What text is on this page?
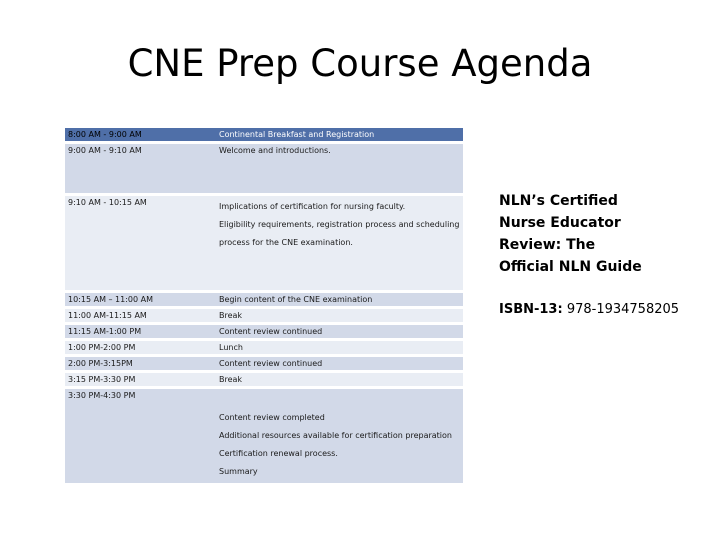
CNE Prep Course Agenda
8:00 AM - 9:00 AM	Continental Breakfast and Registration

9:00 AM - 9:10 AM	Welcome and introductions.

9:10 AM - 10:15 AM	Implications of certification for nursing faculty.
Eligibility requirements, registration process and scheduling
process for the CNE examination.

10:15 AM – 11:00 AM	Begin content of the CNE examination

11:00 AM-11:15 AM	Break

11:15 AM-1:00 PM	Content review continued

1:00 PM-2:00 PM	Lunch

2:00 PM-3:15PM	Content review continued

3:15 PM-3:30 PM	Break

3:30 PM-4:30 PM	Content review completed
Additional resources available for certification preparation
Certification renewal process.
Summary
NLN’s Certified
Nurse Educator
Review: The
Official NLN Guide
ISBN-13: 978-1934758205
